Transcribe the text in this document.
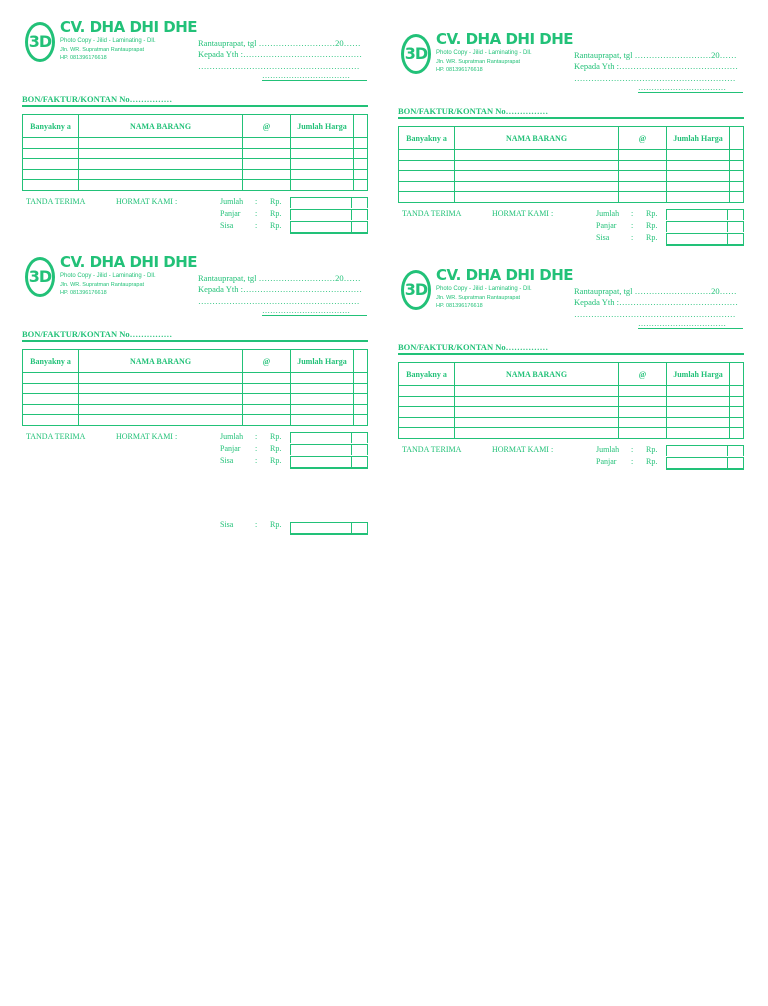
3D
CV. DHA DHI DHE
Photo Copy - Jilid - Laminating - Dll.
Jln. WR. Supratman Rantauprapat
HP. 081396176618
Rantauprapat, tgl ………………………20……
Kepada Yth :……………………………………
…………………………………………………
……………………………
BON/FAKTUR/KONTAN No……………
Banyakny a	NAMA BARANG	@	Jumlah Harga	

TANDA TERIMA	HORMAT KAMI :	Jumlah : Rp.
Panjar : Rp.
Sisa	: Rp.
3D
CV. DHA DHI DHE
Photo Copy - Jilid - Laminating - Dll.
Jln. WR. Supratman Rantauprapat
HP. 081396176618
Rantauprapat, tgl ………………………20……
Kepada Yth :……………………………………
…………………………………………………
……………………………
BON/FAKTUR/KONTAN No……………
Banyakny a	NAMA BARANG	@	Jumlah Harga	

TANDA TERIMA	HORMAT KAMI :	Jumlah : Rp.
Panjar : Rp.
Sisa	: Rp.
3D
CV. DHA DHI DHE
Photo Copy - Jilid - Laminating - Dll.
Jln. WR. Supratman Rantauprapat
HP. 081396176618
Rantauprapat, tgl ………………………20……
Kepada Yth :……………………………………
…………………………………………………
……………………………
BON/FAKTUR/KONTAN No……………
Banyakny a	NAMA BARANG	@	Jumlah Harga	

TANDA TERIMA	HORMAT KAMI :	Jumlah : Rp.
Panjar : Rp.
Sisa	: Rp.
3D
CV. DHA DHI DHE
Photo Copy - Jilid - Laminating - Dll.
Jln. WR. Supratman Rantauprapat
HP. 081396176618
Rantauprapat, tgl ………………………20……
Kepada Yth :……………………………………
…………………………………………………
……………………………
BON/FAKTUR/KONTAN No……………
Banyakny a	NAMA BARANG	@	Jumlah Harga	

TANDA TERIMA	HORMAT KAMI :	Jumlah : Rp.
Panjar : Rp.
Sisa	: Rp.
